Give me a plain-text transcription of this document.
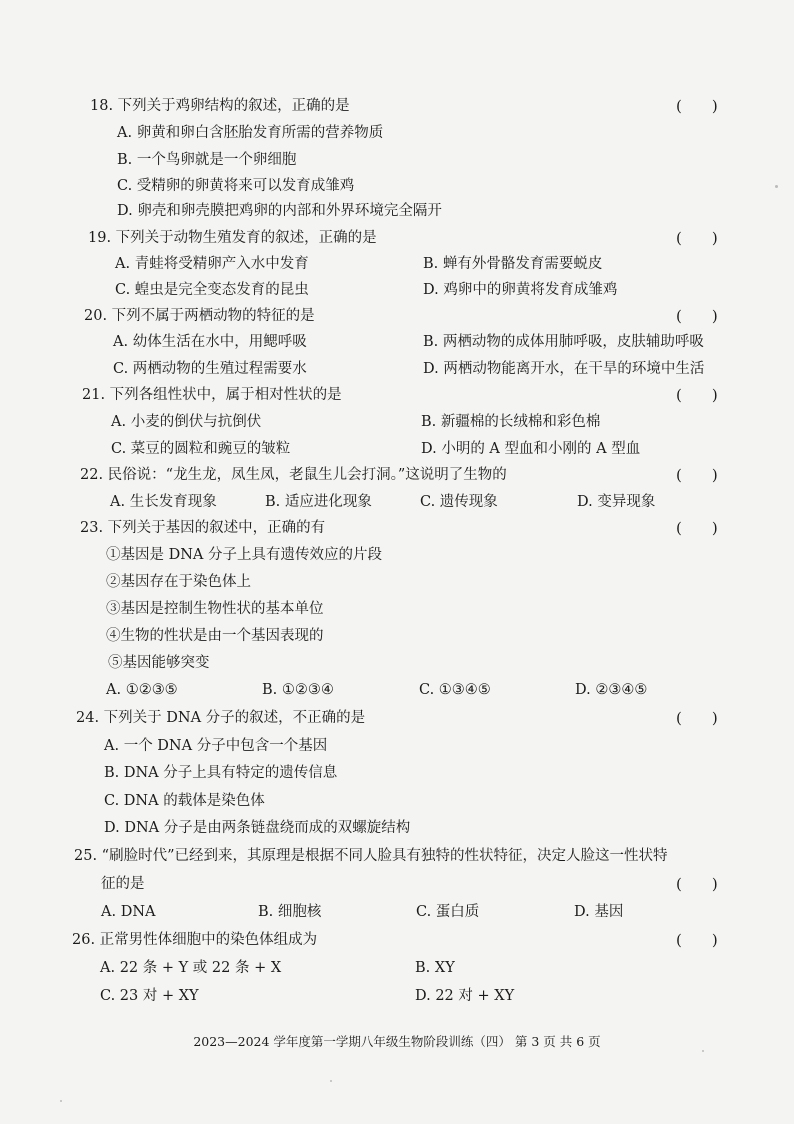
18. 下列关于鸡卵结构的叙述，正确的是	(　　)
A. 卵黄和卵白含胚胎发育所需的营养物质
B. 一个鸟卵就是一个卵细胞
C. 受精卵的卵黄将来可以发育成雏鸡
D. 卵壳和卵壳膜把鸡卵的内部和外界环境完全隔开
19. 下列关于动物生殖发育的叙述，正确的是	(　　)
A. 青蛙将受精卵产入水中发育	B. 蝉有外骨骼发育需要蜕皮
C. 蝗虫是完全变态发育的昆虫	D. 鸡卵中的卵黄将发育成雏鸡
20. 下列不属于两栖动物的特征的是	(　　)
A. 幼体生活在水中，用鳃呼吸	B. 两栖动物的成体用肺呼吸，皮肤辅助呼吸
C. 两栖动物的生殖过程需要水	D. 两栖动物能离开水，在干旱的环境中生活
21. 下列各组性状中，属于相对性状的是	(　　)
A. 小麦的倒伏与抗倒伏	B. 新疆棉的长绒棉和彩色棉
C. 菜豆的圆粒和豌豆的皱粒	D. 小明的 A 型血和小刚的 A 型血
22. 民俗说：“龙生龙，凤生凤，老鼠生儿会打洞。”这说明了生物的	(　　)
A. 生长发育现象	B. 适应进化现象	C. 遗传现象	D. 变异现象
23. 下列关于基因的叙述中，正确的有	(　　)
①基因是 DNA 分子上具有遗传效应的片段
②基因存在于染色体上
③基因是控制生物性状的基本单位
④生物的性状是由一个基因表现的
⑤基因能够突变
A. ①②③⑤	B. ①②③④	C. ①③④⑤	D. ②③④⑤
24. 下列关于 DNA 分子的叙述，不正确的是	(　　)
A. 一个 DNA 分子中包含一个基因
B. DNA 分子上具有特定的遗传信息
C. DNA 的载体是染色体
D. DNA 分子是由两条链盘绕而成的双螺旋结构
25. “刷脸时代”已经到来，其原理是根据不同人脸具有独特的性状特征，决定人脸这一性状特
征的是	(　　)
A. DNA	B. 细胞核	C. 蛋白质	D. 基因
26. 正常男性体细胞中的染色体组成为	(　　)
A. 22 条 + Y 或 22 条 + X	B. XY
C. 23 对 + XY	D. 22 对 + XY
2023—2024 学年度第一学期八年级生物阶段训练（四） 第 3 页 共 6 页
